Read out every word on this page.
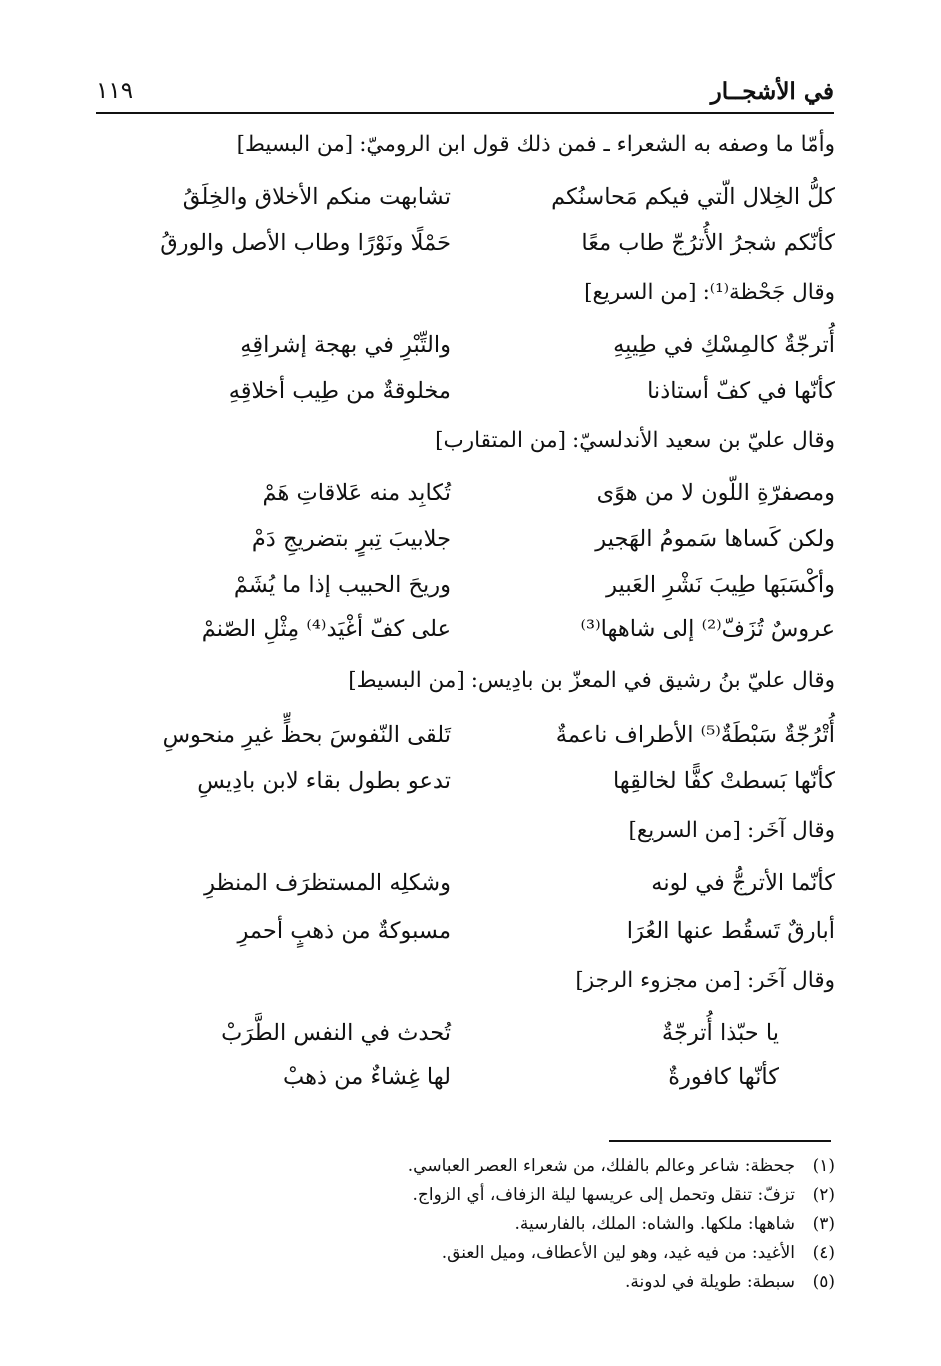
في الأشجــار
١١٩
وأمّا ما وصفه به الشعراء ـ فمن ذلك قول ابن الروميّ:[من البسيط]
كلُّ الخِلال الّتي فيكم مَحاسنُكم
تشابهت منكم الأخلاق والخِلَقُ
كأنّكم شجرُ الأُترُجّ طاب معًا
حَمْلًا ونَوْرًا وطاب الأصل والورقُ
وقال جَحْظة⁽¹⁾:[من السريع]
أُترجّةٌ كالمِسْكِ في طِيبِهِ
والتِّبْرِ في بهجة إشراقِهِ
كأنّها في كفّ أستاذنا
مخلوقةٌ من طِيب أخلاقِهِ
وقال عليّ بن سعيد الأندلسيّ:[من المتقارب]
ومصفرّةِ اللّون لا من هوًى
تُكابِد منه عَلاقاتِ هَمْ
ولكن كَساها سَمومُ الهَجير
جلابيبَ تِبرٍ بتضريجِ دَمْ
وأكْسَبَها طِيبَ نَشْرِ العَبير
وريحَ الحبيب إذا ما يُشَمْ
عروسٌ تُزَفّ⁽²⁾ إلى شاهها⁽³⁾
على كفّ أغْيَد⁽⁴⁾ مِثْلِ الصّنمْ
وقال عليّ بنُ رشيق في المعزّ بن بادِيس:[من البسيط]
أُتْرُجّةٌ سَبْطَةٌ⁽⁵⁾ الأطراف ناعمةٌ
تَلقى النّفوسَ بحظٍّ غيرِ منحوسِ
كأنّها بَسطتْ كفًّا لخالقِها
تدعو بطول بقاء لابن بادِيسِ
وقال آخَر:[من السريع]
كأنّما الأترجُّ في لونه
وشكلِه المستظرَف المنظرِ
أبارقٌ تَسقُط عنها العُرَا
مسبوكةٌ من ذهبٍ أحمرِ
وقال آخَر:[من مجزوء الرجز]
يا حبّذا أُترجّةٌ
تُحدث في النفس الطَّرَبْ
كأنّها كافورةٌ
لها غِشاءٌ من ذهبْ
(١)جحظة: شاعر وعالم بالفلك، من شعراء العصر العباسي.
(٢)تزفّ: تنقل وتحمل إلى عريسها ليلة الزفاف، أي الزواج.
(٣)شاهها: ملكها. والشاه: الملك، بالفارسية.
(٤)الأغيد: من فيه غيد، وهو لين الأعطاف، وميل العنق.
(٥)سبطة: طويلة في لدونة.
